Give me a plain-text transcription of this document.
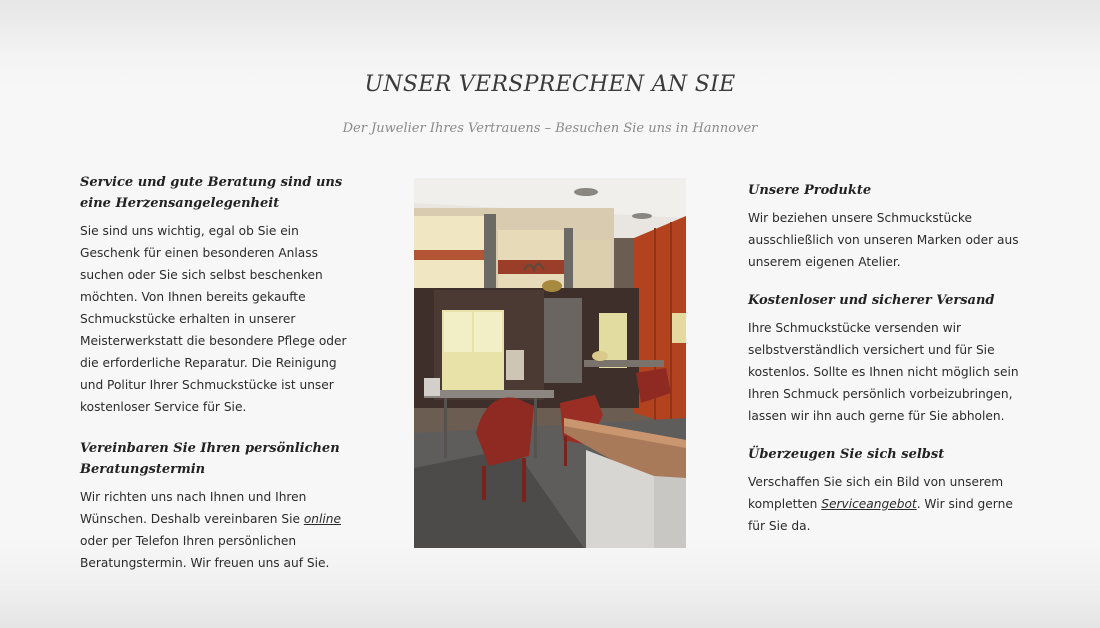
UNSER VERSPRECHEN AN SIE

Der Juwelier Ihres Vertrauens – Besuchen Sie uns in Hannover

Service und gute Beratung sind uns eine Herzensangelegenheit

Sie sind uns wichtig, egal ob Sie ein Geschenk für einen besonderen Anlass suchen oder Sie sich selbst beschenken möchten. Von Ihnen bereits gekaufte Schmuckstücke erhalten in unserer Meisterwerkstatt die besondere Pflege oder die erforderliche Reparatur. Die Reinigung und Politur Ihrer Schmuckstücke ist unser kostenloser Service für Sie.

Vereinbaren Sie Ihren persönlichen Beratungstermin

Wir richten uns nach Ihnen und Ihren Wünschen. Deshalb vereinbaren Sie online oder per Telefon Ihren persönlichen Beratungstermin. Wir freuen uns auf Sie.

Unsere Produkte

Wir beziehen unsere Schmuckstücke ausschließlich von unseren Marken oder aus unserem eigenen Atelier.

Kostenloser und sicherer Versand

Ihre Schmuckstücke versenden wir selbstverständlich versichert und für Sie kostenlos. Sollte es Ihnen nicht möglich sein Ihren Schmuck persönlich vorbeizubringen, lassen wir ihn auch gerne für Sie abholen.

Überzeugen Sie sich selbst

Verschaffen Sie sich ein Bild von unserem kompletten Serviceangebot. Wir sind gerne für Sie da.
